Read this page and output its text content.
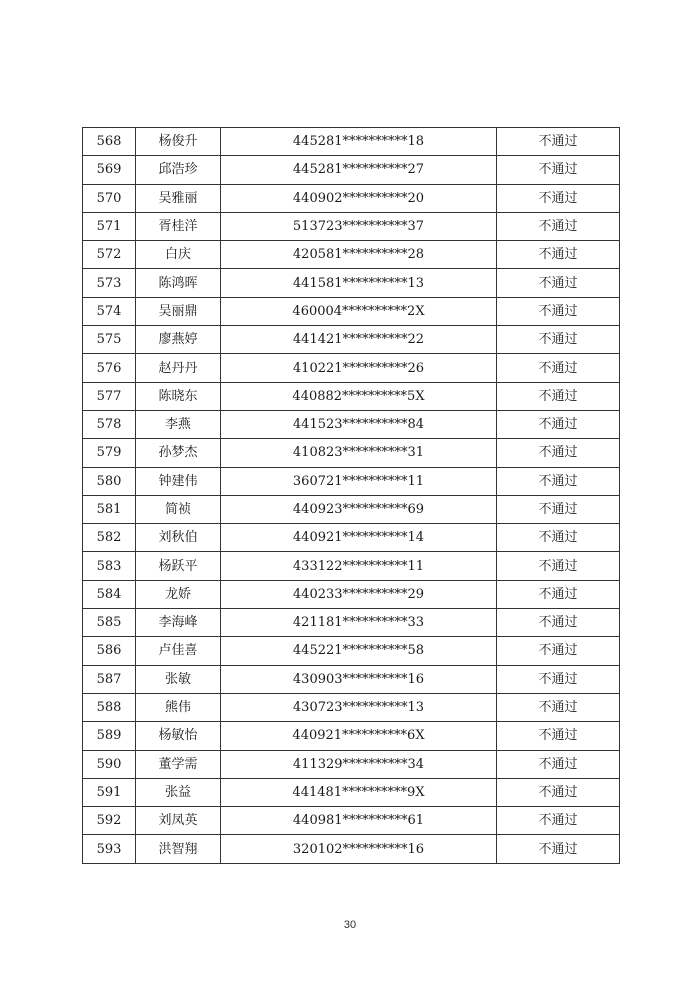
568	杨俊升	445281**********18	不通过
569	邱浩珍	445281**********27	不通过
570	吴雅丽	440902**********20	不通过
571	胥桂洋	513723**********37	不通过
572	白庆	420581**********28	不通过
573	陈鸿晖	441581**********13	不通过
574	吴丽鼎	460004**********2X	不通过
575	廖燕婷	441421**********22	不通过
576	赵丹丹	410221**********26	不通过
577	陈晓东	440882**********5X	不通过
578	李燕	441523**********84	不通过
579	孙梦杰	410823**********31	不通过
580	钟建伟	360721**********11	不通过
581	简祯	440923**********69	不通过
582	刘秋伯	440921**********14	不通过
583	杨跃平	433122**********11	不通过
584	龙娇	440233**********29	不通过
585	李海峰	421181**********33	不通过
586	卢佳喜	445221**********58	不通过
587	张敏	430903**********16	不通过
588	熊伟	430723**********13	不通过
589	杨敏怡	440921**********6X	不通过
590	董学需	411329**********34	不通过
591	张益	441481**********9X	不通过
592	刘凤英	440981**********61	不通过
593	洪智翔	320102**********16	不通过
30
